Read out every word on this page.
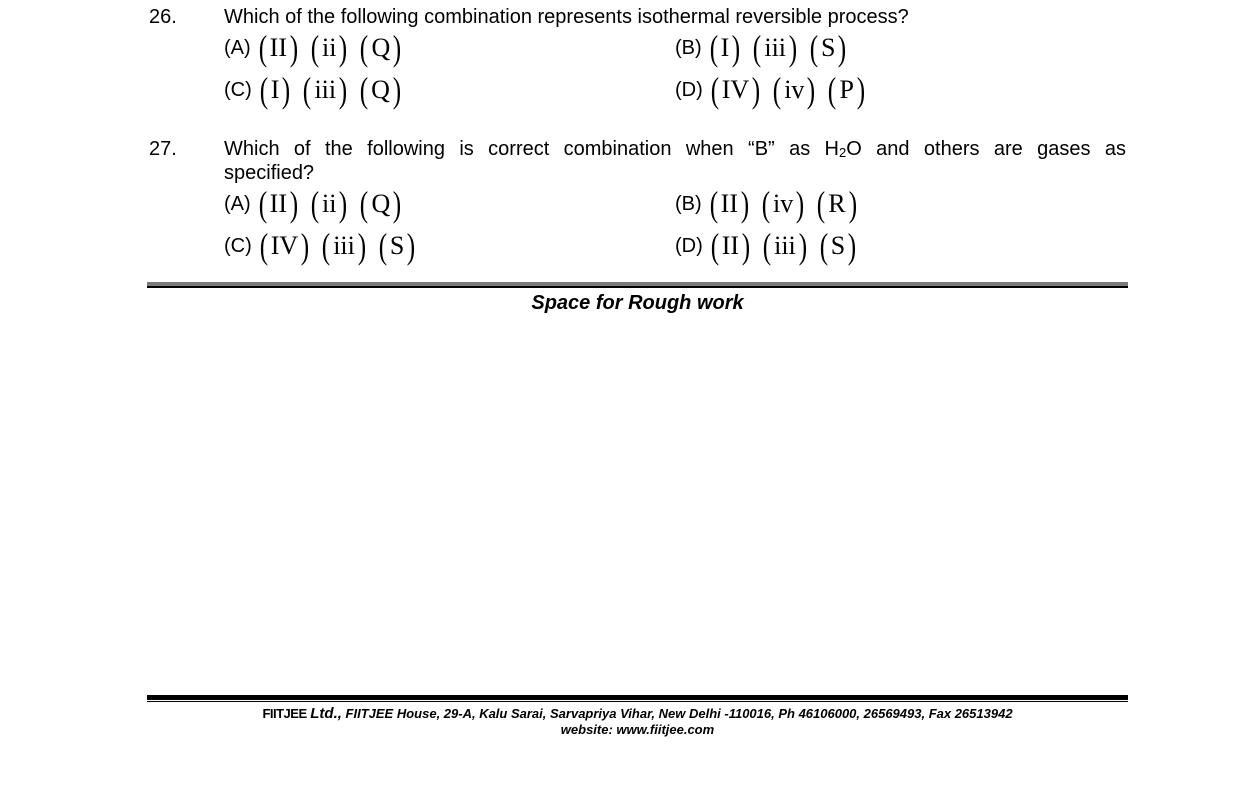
26. Which of the following combination represents isothermal reversible process?
(A) ( II ) ( ii ) ( Q )	(B) ( I ) ( iii ) ( S )
(C) ( I ) ( iii ) ( Q )	(D) ( IV ) ( iv ) ( P )
27. Which of the following is correct combination when “B” as $H_2O$ and others are gases as
specified?
(A) ( II ) ( ii ) ( Q )	(B) ( II ) ( iv ) ( R )
(C) ( IV ) ( iii ) ( S )	(D) ( II ) ( iii ) ( S )
Space for Rough work
FIITJEE Ltd., FIITJEE House, 29-A, Kalu Sarai, Sarvapriya Vihar, New Delhi -110016, Ph 46106000, 26569493, Fax 26513942
website: www.fiitjee.com
